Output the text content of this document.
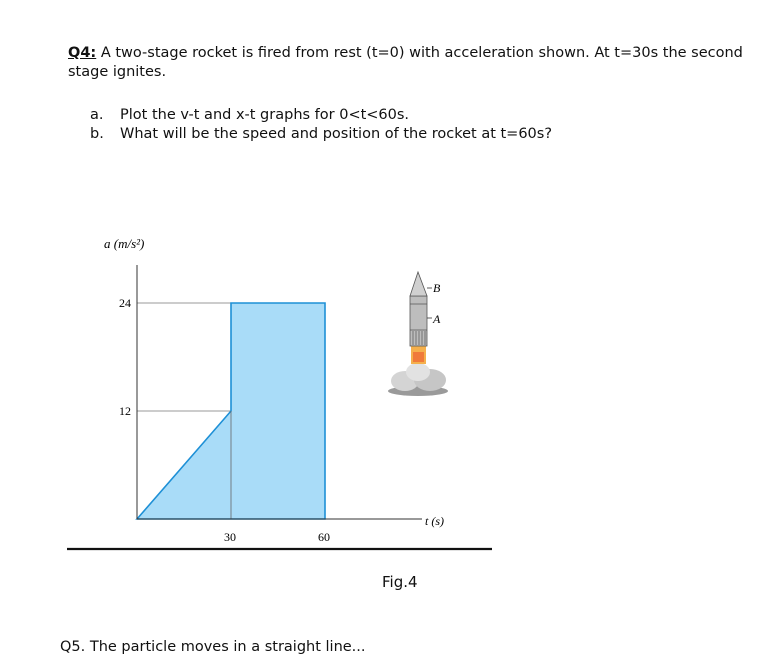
Q4: A two-stage rocket is fired from rest (t=0) with acceleration shown. At t=30s the second stage ignites.
a.	Plot the v-t and x-t graphs for 0<t<60s.
b.	What will be the speed and position of the rocket at t=60s?
a (m/s²)
t (s)
12
24
30	60
B
A
Fig.4
Q5. The particle moves in a straight line...
